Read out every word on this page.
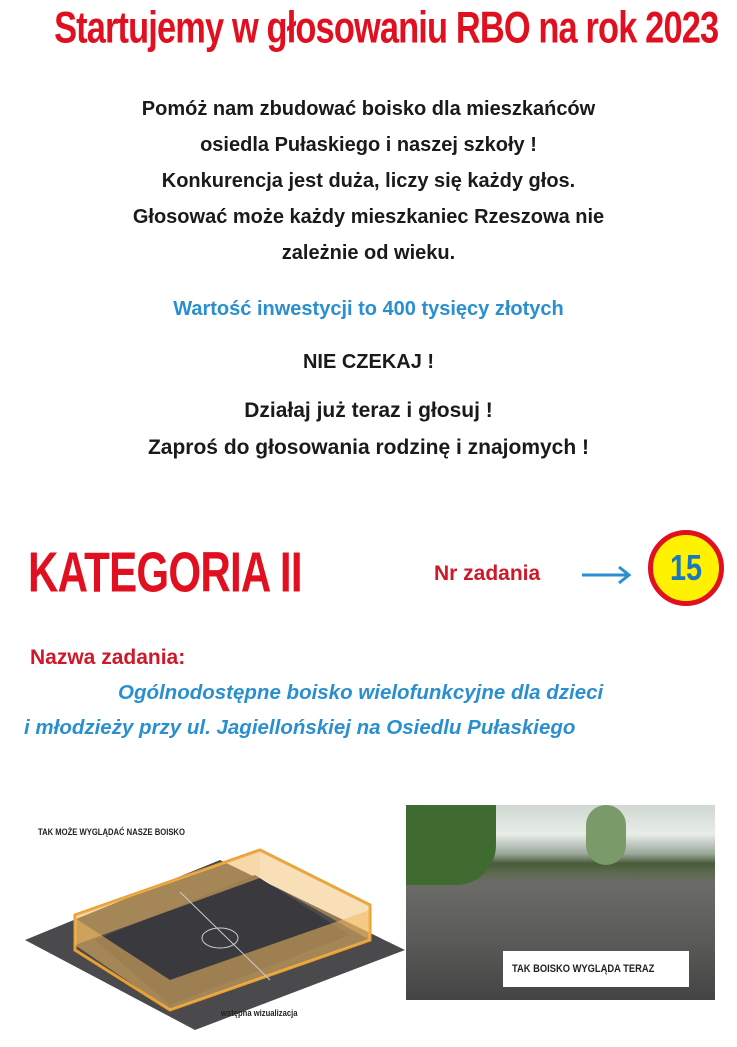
Startujemy w głosowaniu RBO na rok 2023
Pomóż nam zbudować boisko dla mieszkańców
osiedla Pułaskiego i naszej szkoły !
Konkurencja jest duża, liczy się każdy głos.
Głosować może każdy mieszkaniec Rzeszowa nie
zależnie od wieku.
Wartość inwestycji to 400 tysięcy złotych
NIE CZEKAJ !
Działaj już teraz i głosuj !
Zaproś do głosowania rodzinę i znajomych !
KATEGORIA II	Nr zadania	15
Nazwa zadania:
Ogólnodostępne boisko wielofunkcyjne dla dzieci
i młodzieży przy ul. Jagiellońskiej na Osiedlu Pułaskiego
TAK MOŻE WYGLĄDAĆ NASZE BOISKO
wstępna wizualizacja
TAK BOISKO WYGLĄDA TERAZ
